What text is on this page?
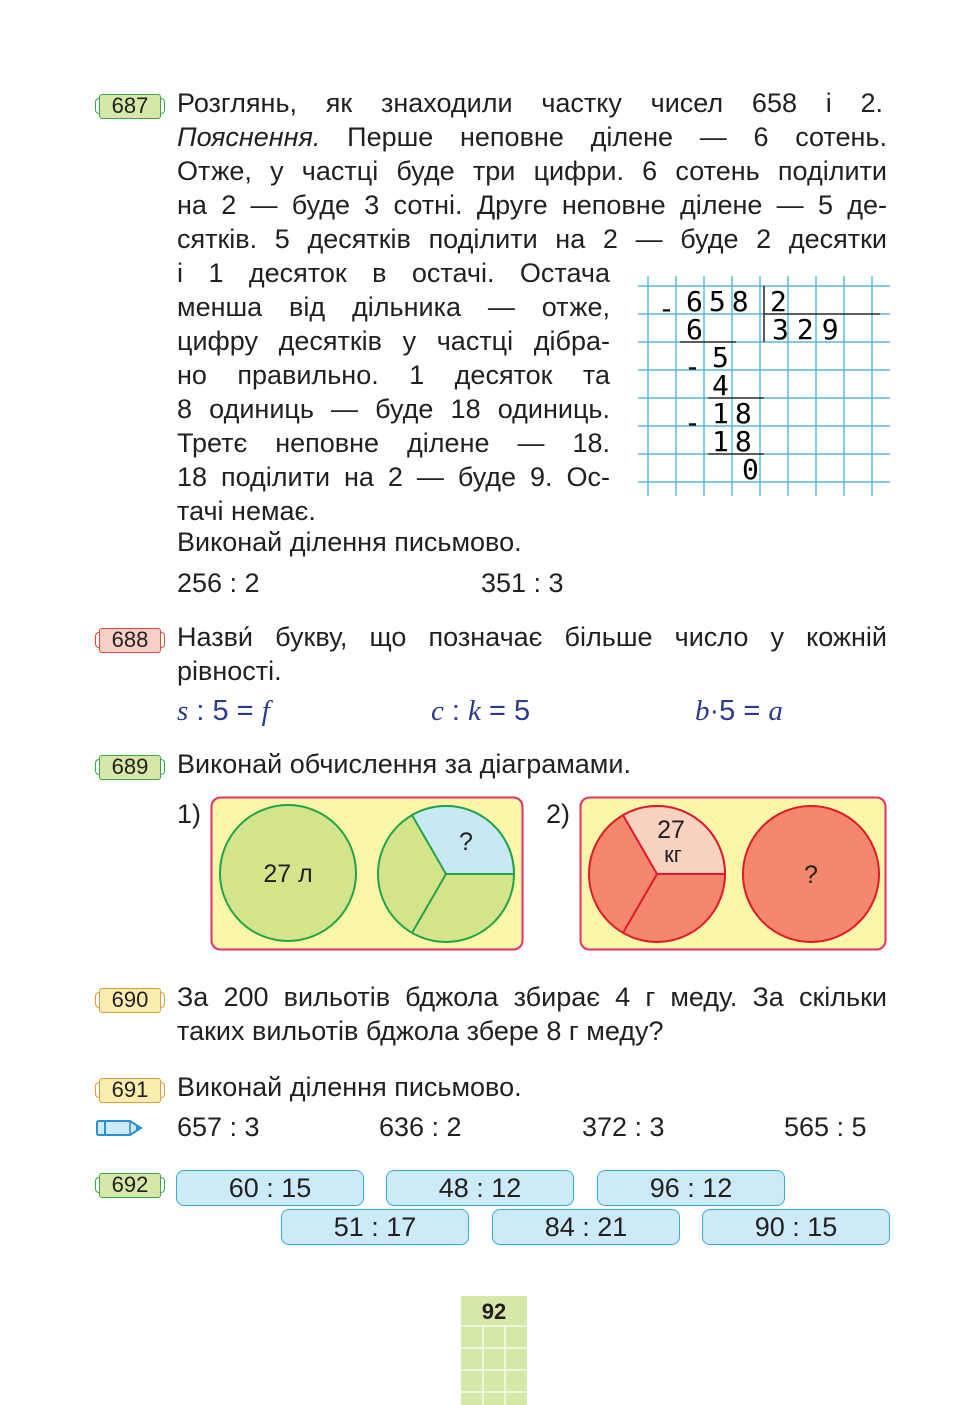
687	Розглянь, як знаходили частку чисел 658 і 2.
Пояснення. Перше неповне ділене — 6 сотень.
Отже, у частці буде три цифри. 6 сотень поділити
на 2 — буде 3 сотні. Друге неповне ділене — 5 де-
сятків. 5 десятків поділити на 2 — буде 2 десятки
і 1 десяток в остачі. Остача
менша від дільника — отже,
цифру десятків у частці дібра-
но правильно. 1 десяток та
8 одиниць — буде 18 одиниць.
Третє неповне ділене — 18.
18 поділити на 2 — буде 9. Ос-
тачі немає.
Виконай ділення письмово.
256 : 2	351 : 3
- 658 2
329
6
5
-
4
18
-
18
0
688	Назви́ букву, що позначає більше число у кожній
рівності.
s : 5 = f	c : k = 5	b·5 = a
689	Виконай обчислення за діаграмами.
1)	2)
27 л
?	27
кг
?
690	За 200 вильотів бджола збирає 4 г меду. За скільки
таких вильотів бджола збере 8 г меду?
691	Виконай ділення письмово.
657 : 3	636 : 2	372 : 3	565 : 5
692	60 : 15	48 : 12	96 : 12
51 : 17	84 : 21	90 : 15
92
